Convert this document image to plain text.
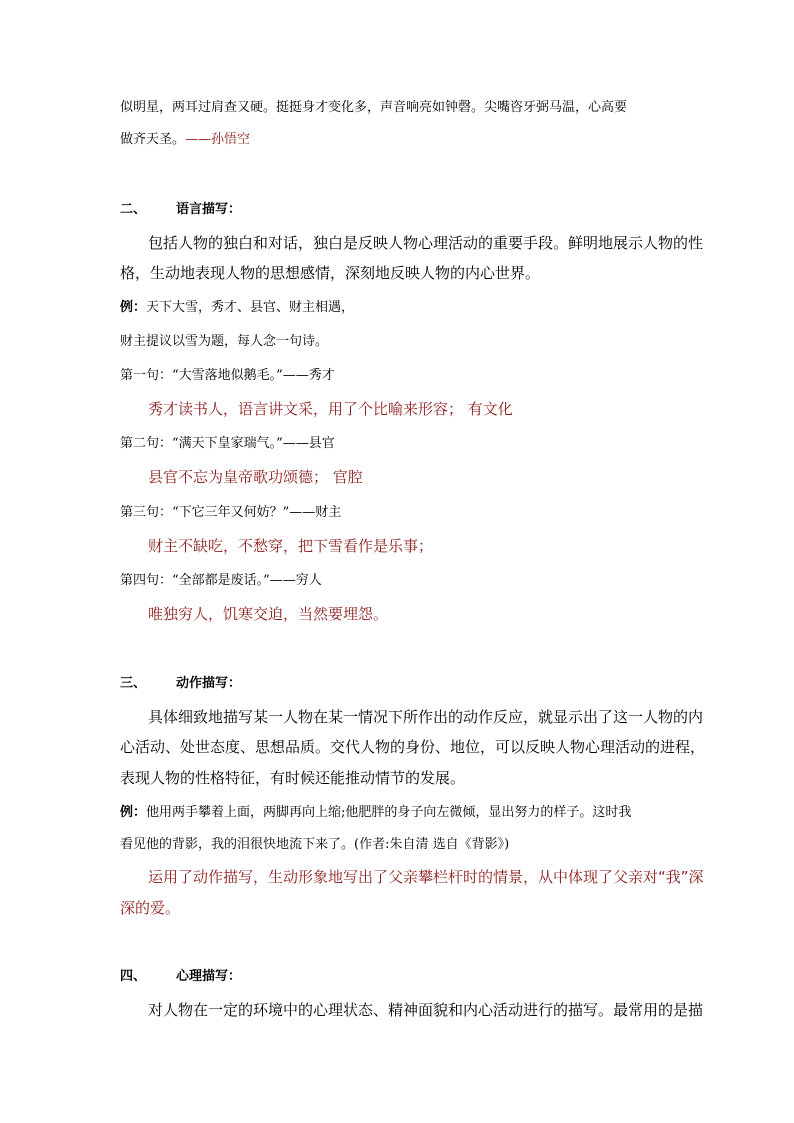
似明星，两耳过肩查又硬。挺挺身才变化多，声音响亮如钟磬。尖嘴咨牙弼马温，心高要
做齐天圣。——孙悟空
二、 语言描写：
包括人物的独白和对话，独白是反映人物心理活动的重要手段。鲜明地展示人物的性
格，生动地表现人物的思想感情，深刻地反映人物的内心世界。
例：天下大雪，秀才、县官、财主相遇，
财主提议以雪为题，每人念一句诗。
第一句：“大雪落地似鹅毛。”——秀才
秀才读书人，语言讲文采，用了个比喻来形容； 有文化
第二句：“满天下皇家瑞气。”——县官
县官不忘为皇帝歌功颂德； 官腔
第三句：“下它三年又何妨？”——财主
财主不缺吃，不愁穿，把下雪看作是乐事；
第四句：“全部都是废话。”——穷人
唯独穷人，饥寒交迫，当然要埋怨。
三、 动作描写：
具体细致地描写某一人物在某一情况下所作出的动作反应，就显示出了这一人物的内
心活动、处世态度、思想品质。交代人物的身份、地位，可以反映人物心理活动的进程，
表现人物的性格特征，有时候还能推动情节的发展。
例：他用两手攀着上面，两脚再向上缩;他肥胖的身子向左微倾，显出努力的样子。这时我
看见他的背影，我的泪很快地流下来了。(作者:朱自清 选自《背影》)
运用了动作描写，生动形象地写出了父亲攀栏杆时的情景，从中体现了父亲对“我”深
深的爱。
四、 心理描写：
对人物在一定的环境中的心理状态、精神面貌和内心活动进行的描写。最常用的是描
